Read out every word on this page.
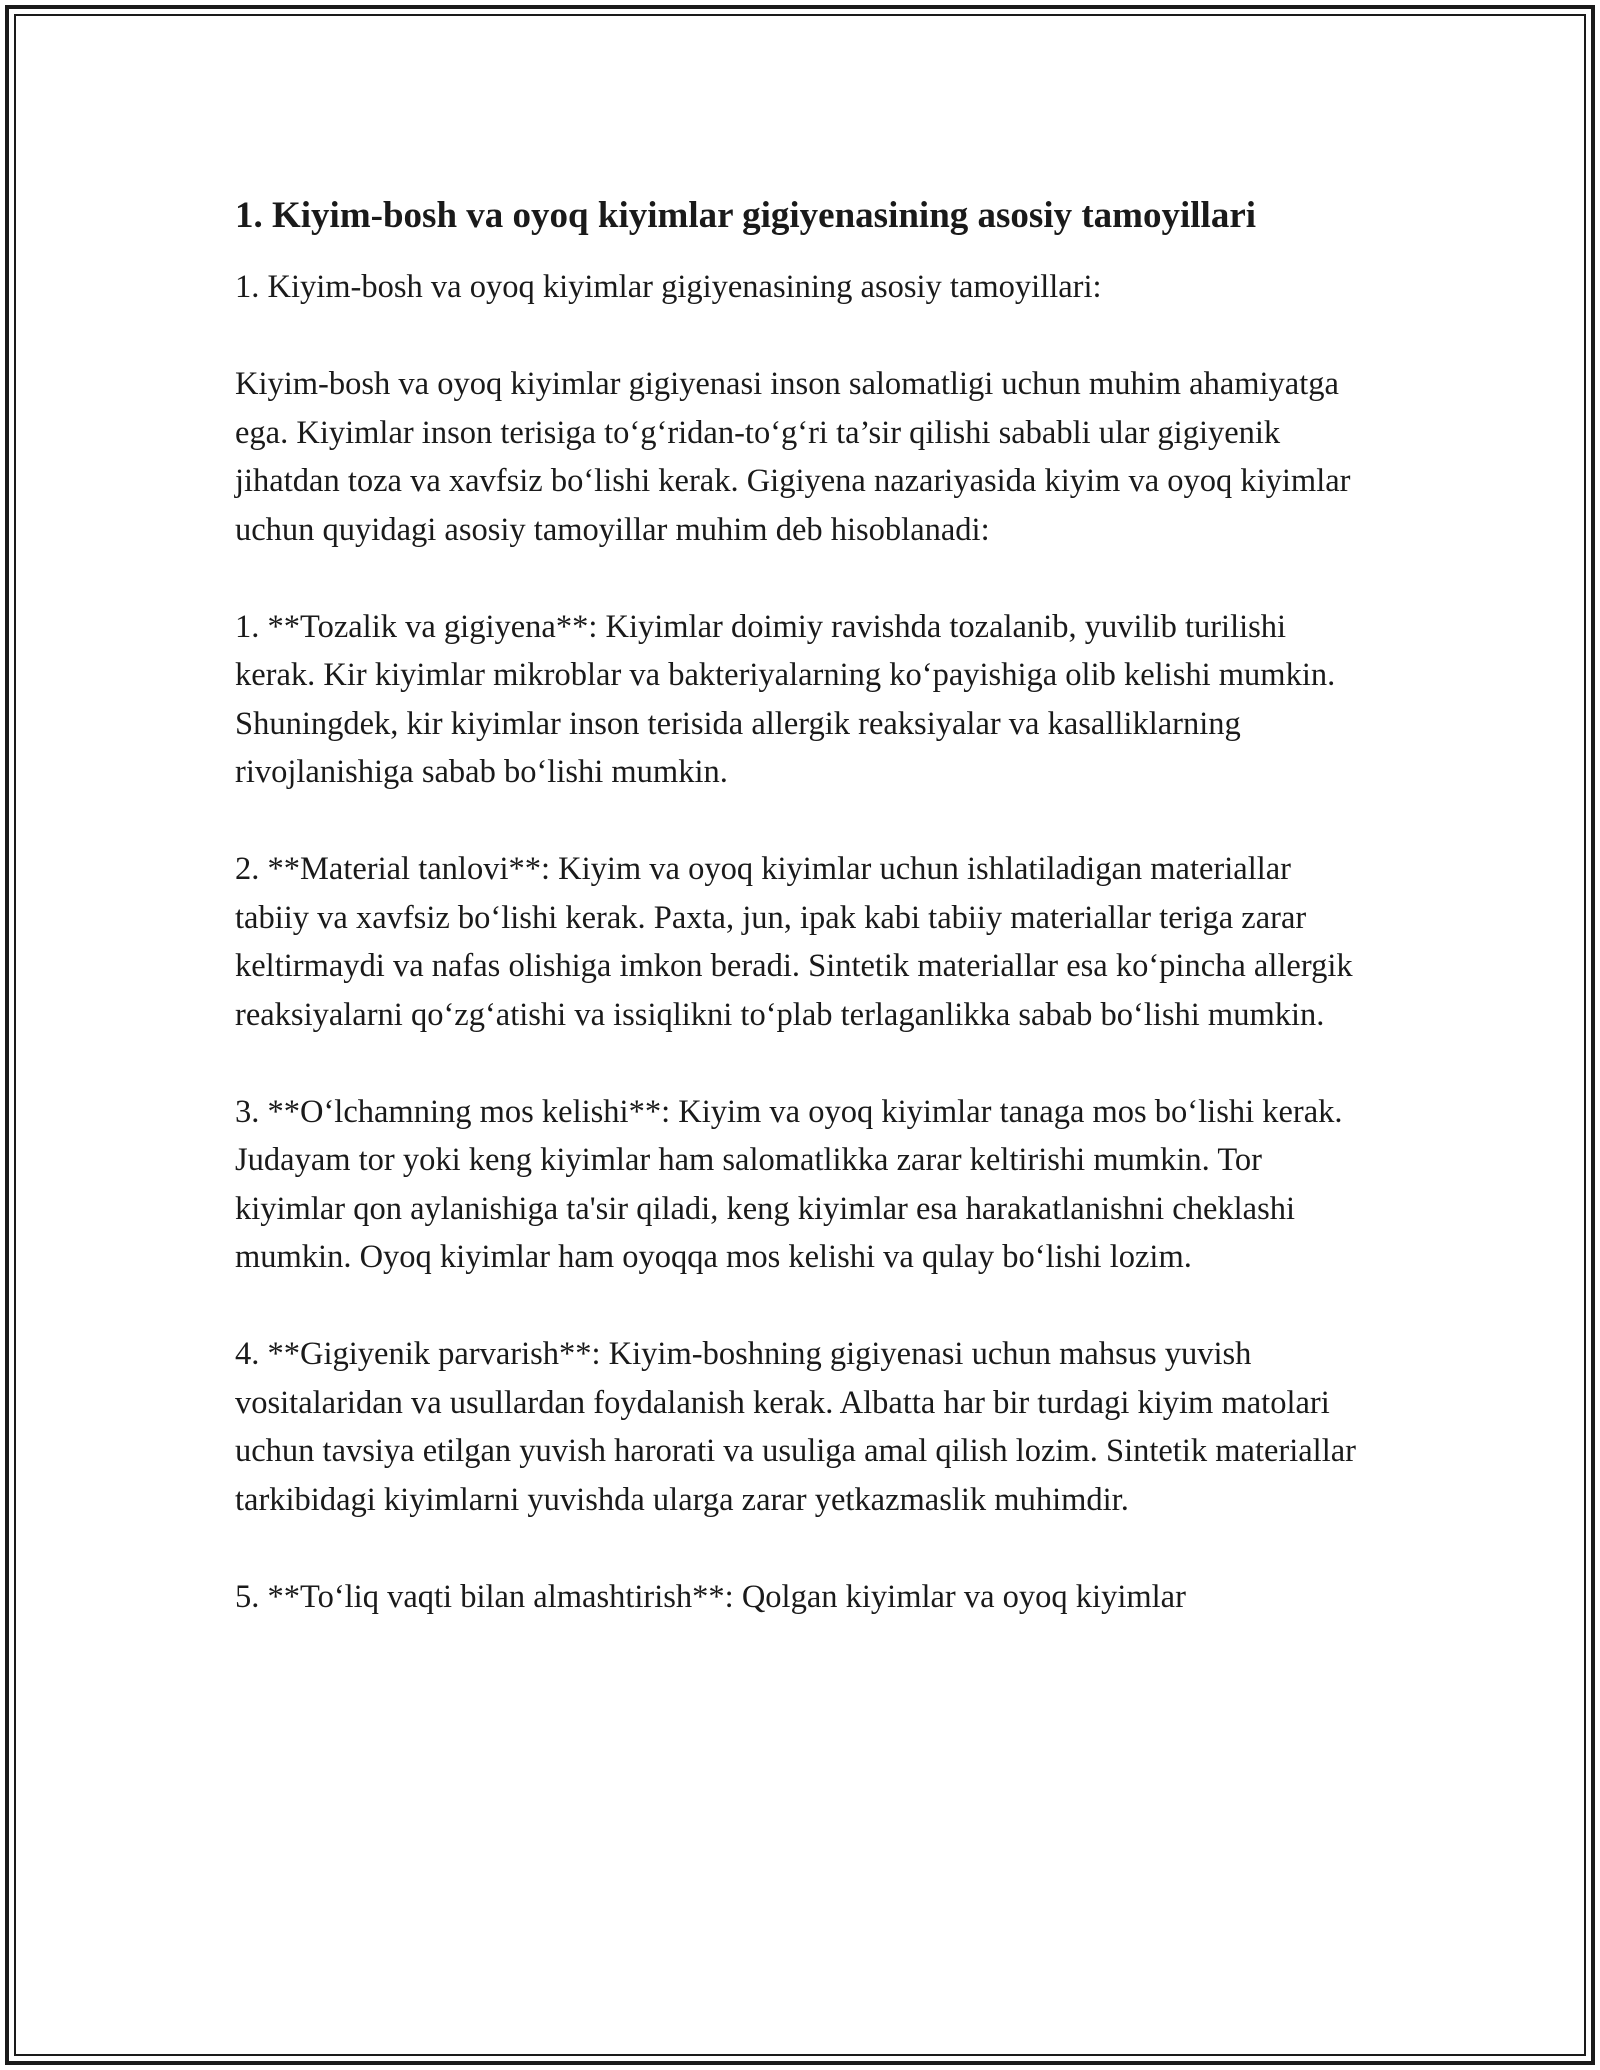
1. Kiyim-bosh va oyoq kiyimlar gigiyenasining asosiy tamoyillari

1. Kiyim-bosh va oyoq kiyimlar gigiyenasining asosiy tamoyillari:

Kiyim-bosh va oyoq kiyimlar gigiyenasi inson salomatligi uchun muhim ahamiyatga ega. Kiyimlar inson terisiga to‘g‘ridan-to‘g‘ri ta’sir qilishi sababli ular gigiyenik jihatdan toza va xavfsiz bo‘lishi kerak. Gigiyena nazariyasida kiyim va oyoq kiyimlar uchun quyidagi asosiy tamoyillar muhim deb hisoblanadi:

1. **Tozalik va gigiyena**: Kiyimlar doimiy ravishda tozalanib, yuvilib turilishi kerak. Kir kiyimlar mikroblar va bakteriyalarning ko‘payishiga olib kelishi mumkin. Shuningdek, kir kiyimlar inson terisida allergik reaksiyalar va kasalliklarning rivojlanishiga sabab bo‘lishi mumkin.

2. **Material tanlovi**: Kiyim va oyoq kiyimlar uchun ishlatiladigan materiallar tabiiy va xavfsiz bo‘lishi kerak. Paxta, jun, ipak kabi tabiiy materiallar teriga zarar keltirmaydi va nafas olishiga imkon beradi. Sintetik materiallar esa ko‘pincha allergik reaksiyalarni qo‘zg‘atishi va issiqlikni to‘plab terlaganlikka sabab bo‘lishi mumkin.

3. **O‘lchamning mos kelishi**: Kiyim va oyoq kiyimlar tanaga mos bo‘lishi kerak. Judayam tor yoki keng kiyimlar ham salomatlikka zarar keltirishi mumkin. Tor kiyimlar qon aylanishiga ta'sir qiladi, keng kiyimlar esa harakatlanishni cheklashi mumkin. Oyoq kiyimlar ham oyoqqa mos kelishi va qulay bo‘lishi lozim.

4. **Gigiyenik parvarish**: Kiyim-boshning gigiyenasi uchun mahsus yuvish vositalaridan va usullardan foydalanish kerak. Albatta har bir turdagi kiyim matolari uchun tavsiya etilgan yuvish harorati va usuliga amal qilish lozim. Sintetik materiallar tarkibidagi kiyimlarni yuvishda ularga zarar yetkazmaslik muhimdir.

5. **To‘liq vaqti bilan almashtirish**: Qolgan kiyimlar va oyoq kiyimlar
